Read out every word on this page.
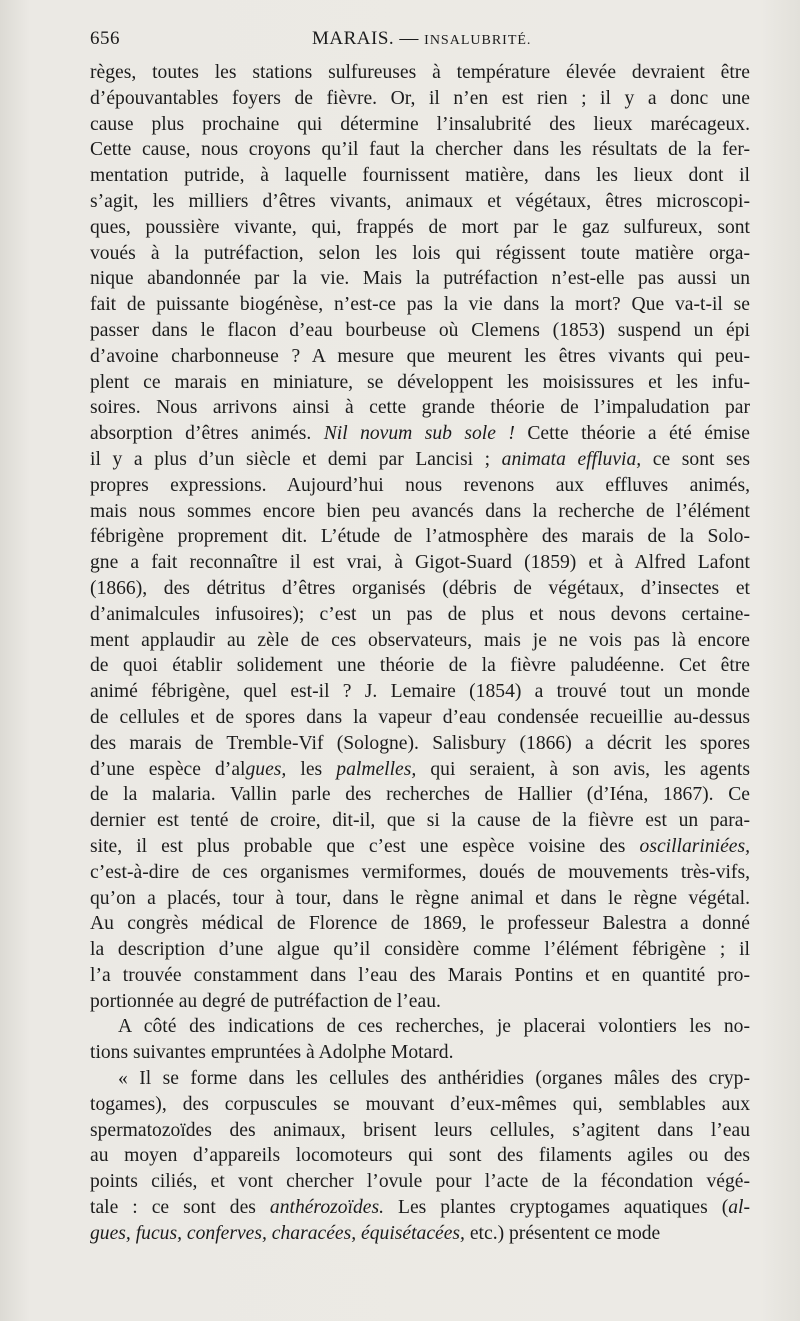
656	MARAIS. — INSALUBRITÉ.
règes, toutes les stations sulfureuses à température élevée devraient être
d’épouvantables foyers de fièvre. Or, il n’en est rien ; il y a donc une
cause plus prochaine qui détermine l’insalubrité des lieux marécageux.
Cette cause, nous croyons qu’il faut la chercher dans les résultats de la fer-
mentation putride, à laquelle fournissent matière, dans les lieux dont il
s’agit, les milliers d’êtres vivants, animaux et végétaux, êtres microscopi-
ques, poussière vivante, qui, frappés de mort par le gaz sulfureux, sont
voués à la putréfaction, selon les lois qui régissent toute matière orga-
nique abandonnée par la vie. Mais la putréfaction n’est-elle pas aussi un
fait de puissante biogénèse, n’est-ce pas la vie dans la mort? Que va-t-il se
passer dans le flacon d’eau bourbeuse où Clemens (1853) suspend un épi
d’avoine charbonneuse ? A mesure que meurent les êtres vivants qui peu-
plent ce marais en miniature, se développent les moisissures et les infu-
soires. Nous arrivons ainsi à cette grande théorie de l’impaludation par
absorption d’êtres animés. Nil novum sub sole ! Cette théorie a été émise
il y a plus d’un siècle et demi par Lancisi ; animata effluvia, ce sont ses
propres expressions. Aujourd’hui nous revenons aux effluves animés,
mais nous sommes encore bien peu avancés dans la recherche de l’élément
fébrigène proprement dit. L’étude de l’atmosphère des marais de la Solo-
gne a fait reconnaître il est vrai, à Gigot-Suard (1859) et à Alfred Lafont
(1866), des détritus d’êtres organisés (débris de végétaux, d’insectes et
d’animalcules infusoires); c’est un pas de plus et nous devons certaine-
ment applaudir au zèle de ces observateurs, mais je ne vois pas là encore
de quoi établir solidement une théorie de la fièvre paludéenne. Cet être
animé fébrigène, quel est-il ? J. Lemaire (1854) a trouvé tout un monde
de cellules et de spores dans la vapeur d’eau condensée recueillie au-dessus
des marais de Tremble-Vif (Sologne). Salisbury (1866) a décrit les spores
d’une espèce d’algues, les palmelles, qui seraient, à son avis, les agents
de la malaria. Vallin parle des recherches de Hallier (d’Iéna, 1867). Ce
dernier est tenté de croire, dit-il, que si la cause de la fièvre est un para-
site, il est plus probable que c’est une espèce voisine des oscillariniées,
c’est-à-dire de ces organismes vermiformes, doués de mouvements très-vifs,
qu’on a placés, tour à tour, dans le règne animal et dans le règne végétal.
Au congrès médical de Florence de 1869, le professeur Balestra a donné
la description d’une algue qu’il considère comme l’élément fébrigène ; il
l’a trouvée constamment dans l’eau des Marais Pontins et en quantité pro-
portionnée au degré de putréfaction de l’eau.
A côté des indications de ces recherches, je placerai volontiers les no-
tions suivantes empruntées à Adolphe Motard.
« Il se forme dans les cellules des anthéridies (organes mâles des cryp-
togames), des corpuscules se mouvant d’eux-mêmes qui, semblables aux
spermatozoïdes des animaux, brisent leurs cellules, s’agitent dans l’eau
au moyen d’appareils locomoteurs qui sont des filaments agiles ou des
points ciliés, et vont chercher l’ovule pour l’acte de la fécondation végé-
tale : ce sont des anthérozoïdes. Les plantes cryptogames aquatiques (al-
gues, fucus, conferves, characées, équisétacées, etc.) présentent ce mode
